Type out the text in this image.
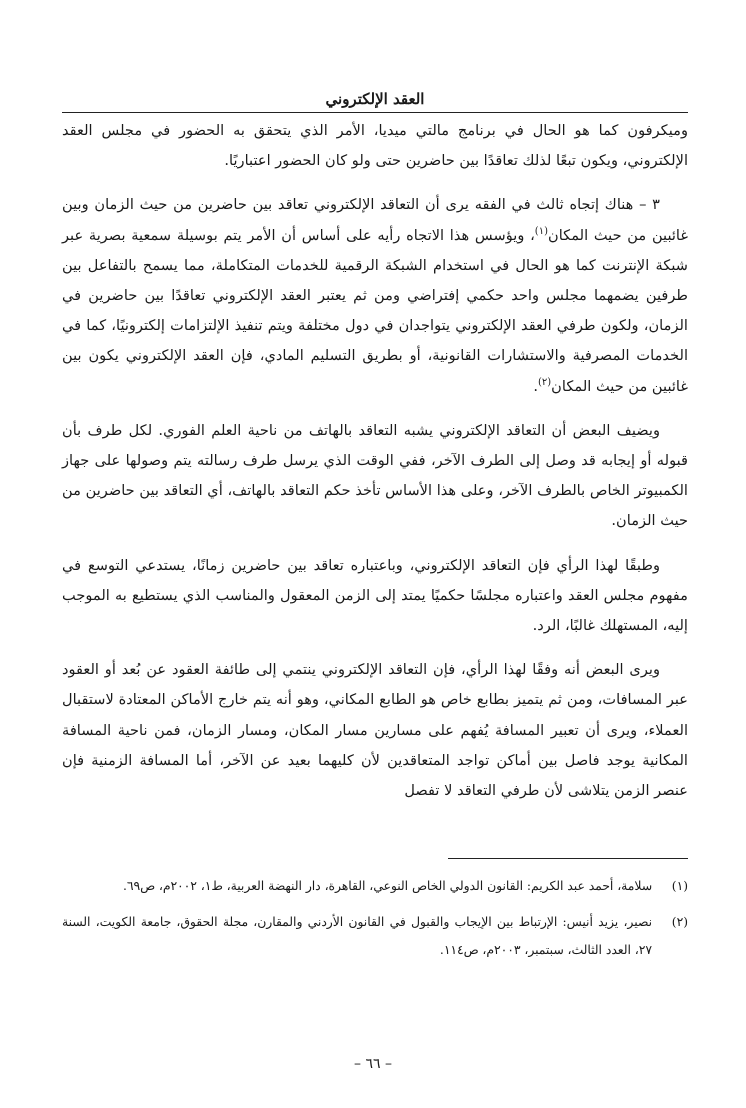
العقد الإلكتروني

وميكرفون كما هو الحال في برنامج مالتي ميديا، الأمر الذي يتحقق به الحضور في مجلس العقد الإلكتروني، ويكون تبعًا لذلك تعاقدًا بين حاضرين حتى ولو كان الحضور اعتباريًا.

٣ – هناك إتجاه ثالث في الفقه يرى أن التعاقد الإلكتروني تعاقد بين حاضرين من حيث الزمان وبين غائبين من حيث المكان$^{(١)}$، ويؤسس هذا الاتجاه رأيه على أساس أن الأمر يتم بوسيلة سمعية بصرية عبر شبكة الإنترنت كما هو الحال في استخدام الشبكة الرقمية للخدمات المتكاملة، مما يسمح بالتفاعل بين طرفين يضمهما مجلس واحد حكمي إفتراضي ومن ثم يعتبر العقد الإلكتروني تعاقدًا بين حاضرين في الزمان، ولكون طرفي العقد الإلكتروني يتواجدان في دول مختلفة ويتم تنفيذ الإلتزامات إلكترونيًا، كما في الخدمات المصرفية والاستشارات القانونية، أو بطريق التسليم المادي، فإن العقد الإلكتروني يكون بين غائبين من حيث المكان$^{(٢)}$.

ويضيف البعض أن التعاقد الإلكتروني يشبه التعاقد بالهاتف من ناحية العلم الفوري. لكل طرف بأن قبوله أو إيجابه قد وصل إلى الطرف الآخر، ففي الوقت الذي يرسل طرف رسالته يتم وصولها على جهاز الكمبيوتر الخاص بالطرف الآخر، وعلى هذا الأساس تأخذ حكم التعاقد بالهاتف، أي التعاقد بين حاضرين من حيث الزمان.

وطبقًا لهذا الرأي فإن التعاقد الإلكتروني، وباعتباره تعاقد بين حاضرين زمانًا، يستدعي التوسع في مفهوم مجلس العقد واعتباره مجلسًا حكميًا يمتد إلى الزمن المعقول والمناسب الذي يستطيع به الموجب إليه، المستهلك غالبًا، الرد.

ويرى البعض أنه وفقًا لهذا الرأي، فإن التعاقد الإلكتروني ينتمي إلى طائفة العقود عن بُعد أو العقود عبر المسافات، ومن ثم يتميز بطابع خاص هو الطابع المكاني، وهو أنه يتم خارج الأماكن المعتادة لاستقبال العملاء، ويرى أن تعبير المسافة يُفهم على مسارين مسار المكان، ومسار الزمان، فمن ناحية المسافة المكانية يوجد فاصل بين أماكن تواجد المتعاقدين لأن كليهما بعيد عن الآخر، أما المسافة الزمنية فإن عنصر الزمن يتلاشى لأن طرفي التعاقد لا تفصل

(١)
سلامة، أحمد عبد الكريم: القانون الدولي الخاص النوعي، القاهرة، دار النهضة العربية، ط١، ٢٠٠٢م، ص٦٩.
(٢)
نصير، يزيد أنيس: الإرتباط بين الإيجاب والقبول في القانون الأردني والمقارن، مجلة الحقوق، جامعة الكويت، السنة ٢٧، العدد الثالث، سبتمبر، ٢٠٠٣م، ص١١٤.
– ٦٦ –
